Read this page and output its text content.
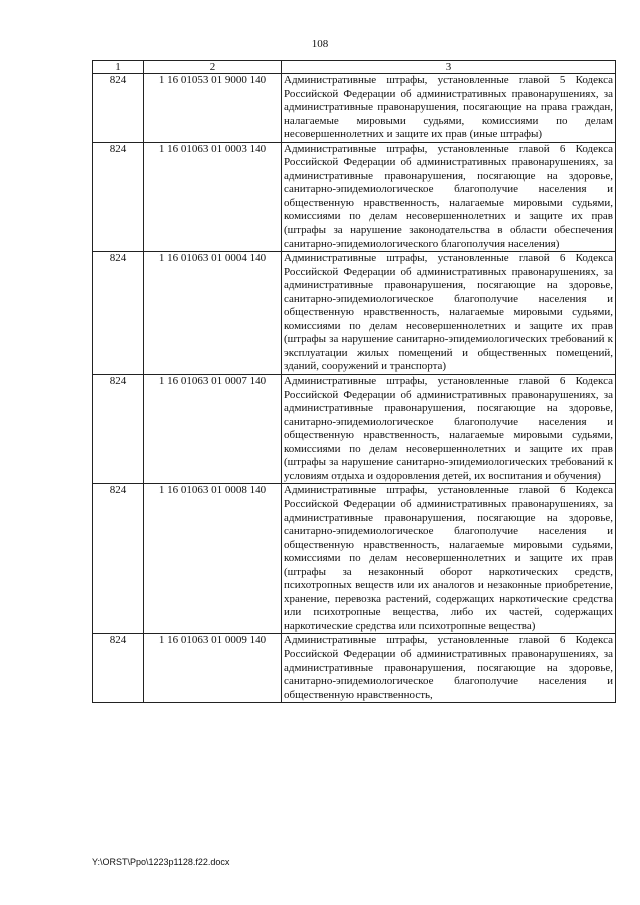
108
1	2	3
824	1 16 01053 01 9000 140	Административные штрафы, установленные главой 5 Кодекса Российской Федерации об административных правонарушениях, за административные правонарушения, посягающие на права граждан, налагаемые мировыми судьями, комиссиями по делам несовершеннолетних и защите их прав (иные штрафы)
824	1 16 01063 01 0003 140	Административные штрафы, установленные главой 6 Кодекса Российской Федерации об административных правонарушениях, за административные правонарушения, посягающие на здоровье, санитарно-эпидемиологическое благополучие населения и общественную нравственность, налагаемые мировыми судьями, комиссиями по делам несовершеннолетних и защите их прав (штрафы за нарушение законодательства в области обеспечения санитарно-эпидемиологического благополучия населения)
824	1 16 01063 01 0004 140	Административные штрафы, установленные главой 6 Кодекса Российской Федерации об административных правонарушениях, за административные правонарушения, посягающие на здоровье, санитарно-эпидемиологическое благополучие населения и общественную нравственность, налагаемые мировыми судьями, комиссиями по делам несовершеннолетних и защите их прав (штрафы за нарушение санитарно-эпидемиологических требований к эксплуатации жилых помещений и общественных помещений, зданий, сооружений и транспорта)
824	1 16 01063 01 0007 140	Административные штрафы, установленные главой 6 Кодекса Российской Федерации об административных правонарушениях, за административные правонарушения, посягающие на здоровье, санитарно-эпидемиологическое благополучие населения и общественную нравственность, налагаемые мировыми судьями, комиссиями по делам несовершеннолетних и защите их прав (штрафы за нарушение санитарно-эпидемиологических требований к условиям отдыха и оздоровления детей, их воспитания и обучения)
824	1 16 01063 01 0008 140	Административные штрафы, установленные главой 6 Кодекса Российской Федерации об административных правонарушениях, за административные правонарушения, посягающие на здоровье, санитарно-эпидемиологическое благополучие населения и общественную нравственность, налагаемые мировыми судьями, комиссиями по делам несовершеннолетних и защите их прав (штрафы за незаконный оборот наркотических средств, психотропных веществ или их аналогов и незаконные приобретение, хранение, перевозка растений, содержащих наркотические средства или психотропные вещества, либо их частей, содержащих наркотические средства или психотропные вещества)
824	1 16 01063 01 0009 140	Административные штрафы, установленные главой 6 Кодекса Российской Федерации об административных правонарушениях, за административные правонарушения, посягающие на здоровье, санитарно-эпидемиологическое благополучие населения и общественную нравственность,
Y:\ORST\Ppo\1223p1128.f22.docx
